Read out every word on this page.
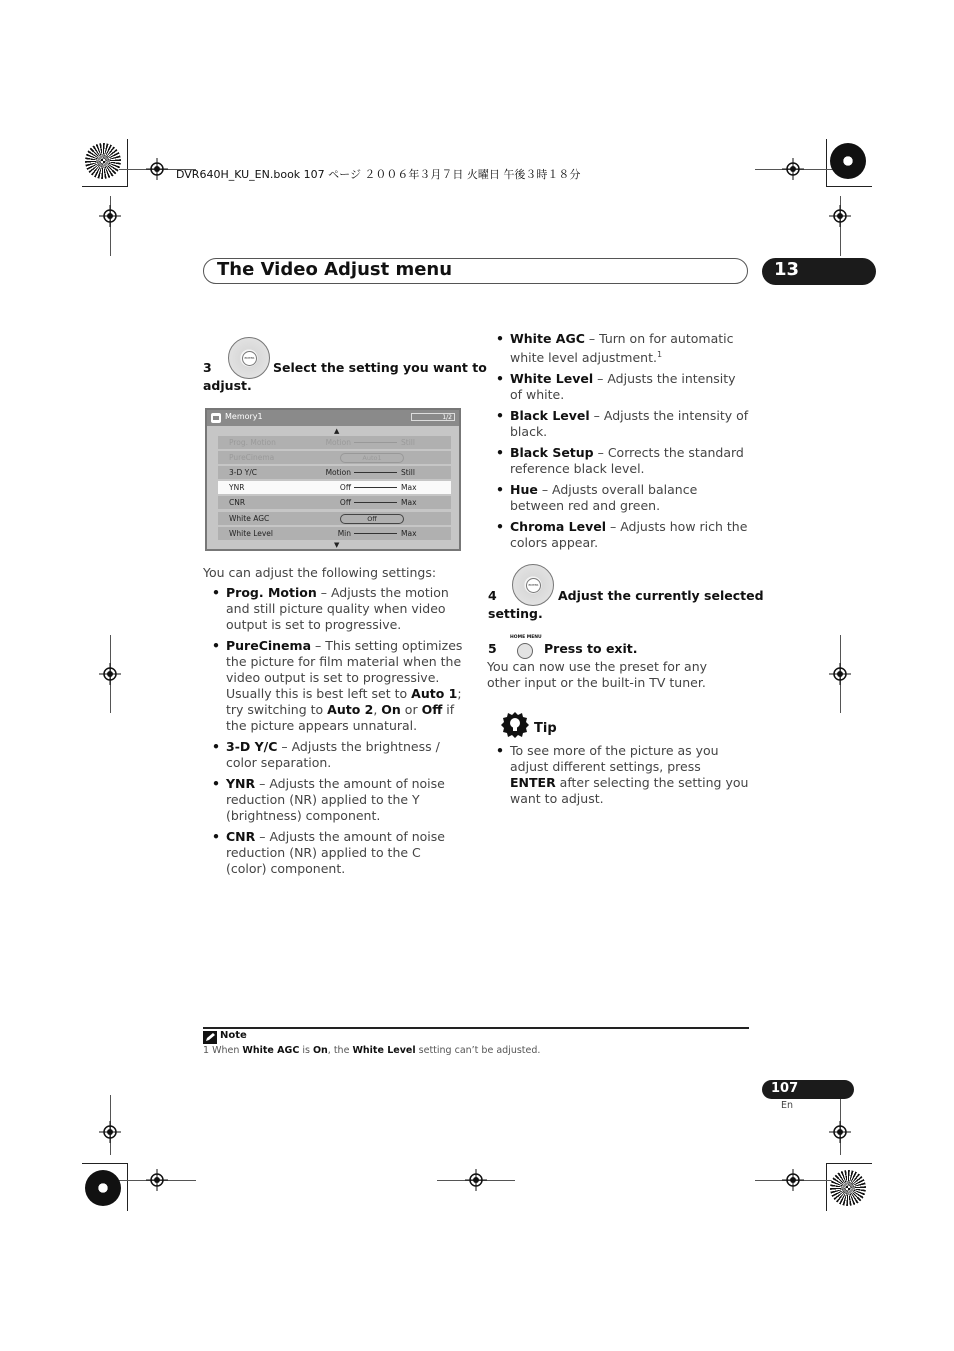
DVR640H_KU_EN.book 107 ページ ２００６年３月７日 火曜日 午後３時１８分
The Video Adjust menu	13
ENTER
3	Select the setting you want to
adjust.
Memory1	1/2
▲
Prog. Motion	Motion	Still
PureCinema	Auto1
3-D Y/C	Motion	Still
YNR	Off	Max
CNR	Off	Max
White AGC	Off
White Level	Min	Max
▼
You can adjust the following settings:
• Prog. Motion – Adjusts the motion and still picture quality when video output is set to progressive.
• PureCinema – This setting optimizes the picture for film material when the video output is set to progressive. Usually this is best left set to Auto 1; try switching to Auto 2, On or Off if the picture appears unnatural.
• 3-D Y/C – Adjusts the brightness / color separation.
• YNR – Adjusts the amount of noise reduction (NR) applied to the Y (brightness) component.
• CNR – Adjusts the amount of noise reduction (NR) applied to the C (color) component.
• White AGC – Turn on for automatic white level adjustment.$^1$
• White Level – Adjusts the intensity of white.
• Black Level – Adjusts the intensity of black.
• Black Setup – Corrects the standard reference black level.
• Hue – Adjusts overall balance between red and green.
• Chroma Level – Adjusts how rich the colors appear.
ENTER
4	Adjust the currently selected
setting.
5
HOME MENU
Press to exit.
You can now use the preset for any other input or the built-in TV tuner.
Tip
• To see more of the picture as you adjust different settings, press ENTER after selecting the setting you want to adjust.
Note
1 When White AGC is On, the White Level setting can’t be adjusted.
107
En
